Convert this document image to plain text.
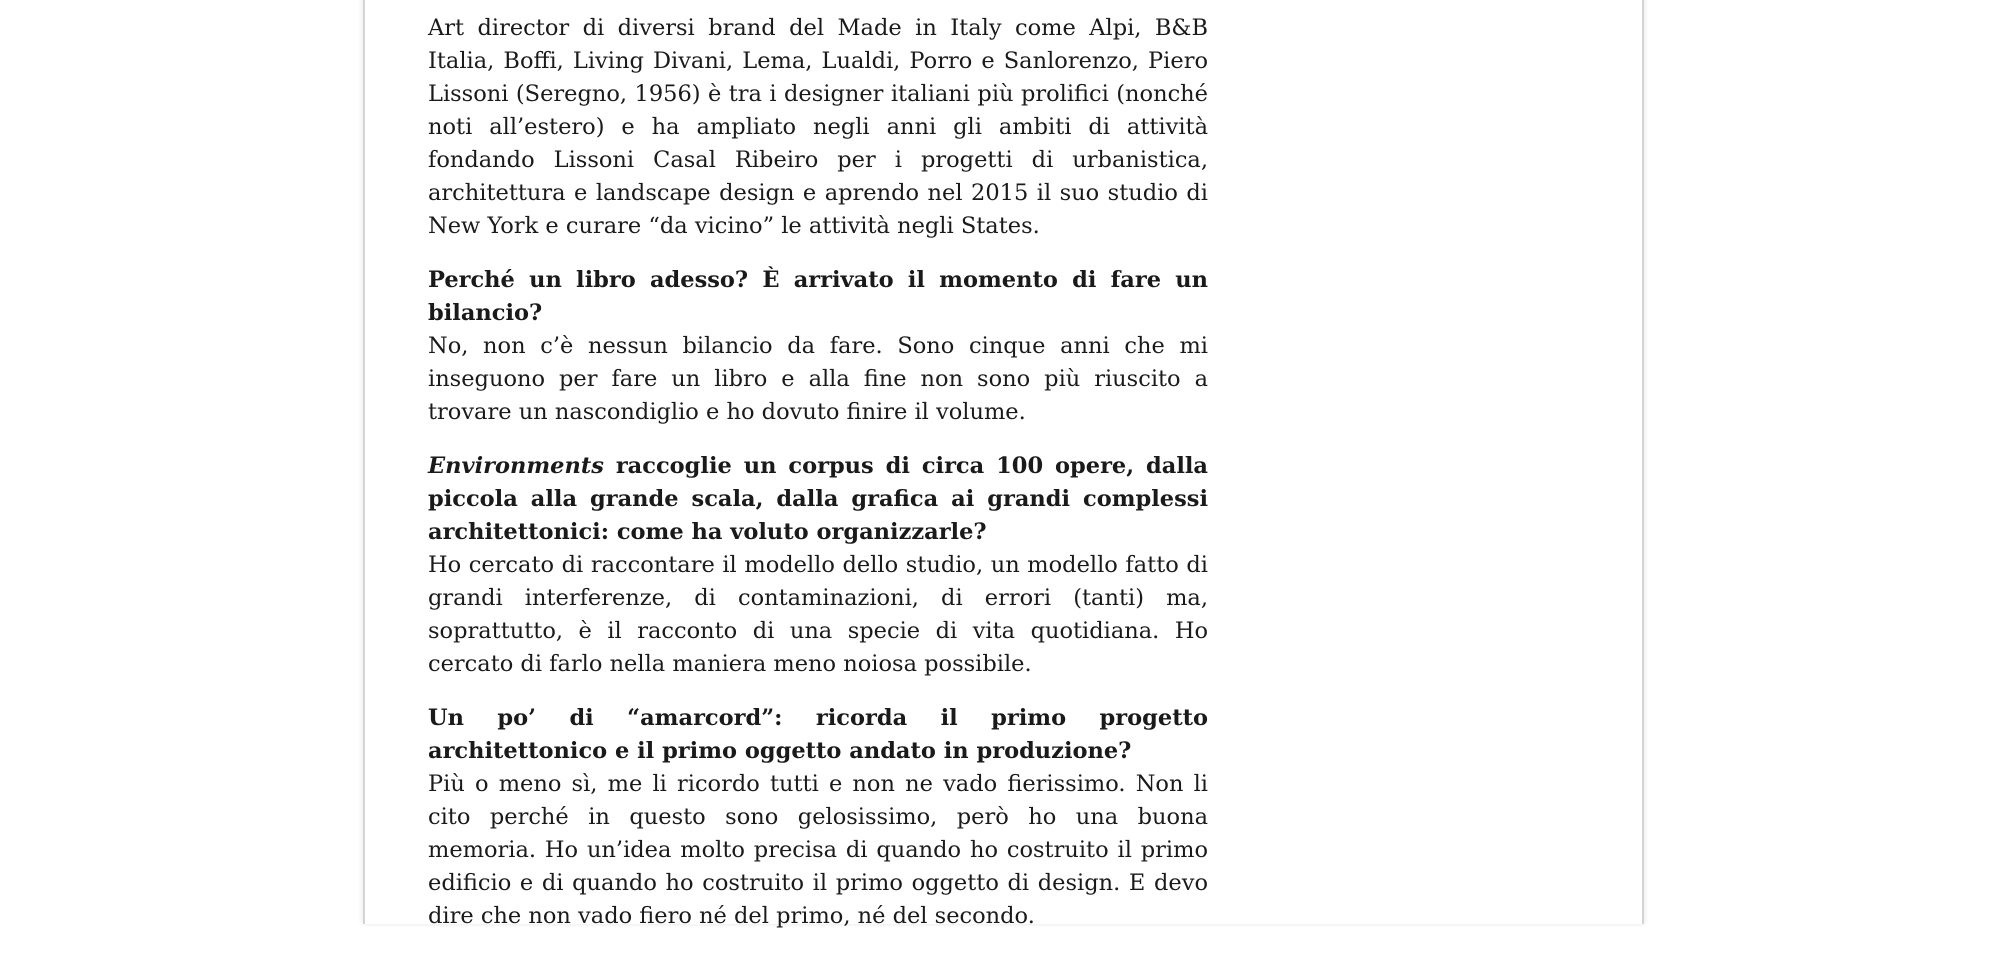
Art director di diversi brand del Made in Italy come Alpi, B&B Italia, Boffi, Living Divani, Lema, Lualdi, Porro e Sanlorenzo, Piero Lissoni (Seregno, 1956) è tra i designer italiani più prolifici (nonché noti all’estero) e ha ampliato negli anni gli ambiti di attività fondando Lissoni Casal Ribeiro per i progetti di urbanistica, architettura e landscape design e aprendo nel 2015 il suo studio di New York e curare “da vicino” le attività negli States.

Perché un libro adesso? È arrivato il momento di fare un bilancio?
No, non c’è nessun bilancio da fare. Sono cinque anni che mi inseguono per fare un libro e alla fine non sono più riuscito a trovare un nascondiglio e ho dovuto finire il volume.

Environments raccoglie un corpus di circa 100 opere, dalla piccola alla grande scala, dalla grafica ai grandi complessi architettonici: come ha voluto organizzarle?
Ho cercato di raccontare il modello dello studio, un modello fatto di grandi interferenze, di contaminazioni, di errori (tanti) ma, soprattutto, è il racconto di una specie di vita quotidiana. Ho cercato di farlo nella maniera meno noiosa possibile.

Un po’ di “amarcord”: ricorda il primo progetto architettonico e il primo oggetto andato in produzione?
Più o meno sì, me li ricordo tutti e non ne vado fierissimo. Non li cito perché in questo sono gelosissimo, però ho una buona memoria. Ho un’idea molto precisa di quando ho costruito il primo edificio e di quando ho costruito il primo oggetto di design. E devo dire che non vado fiero né del primo, né del secondo.
